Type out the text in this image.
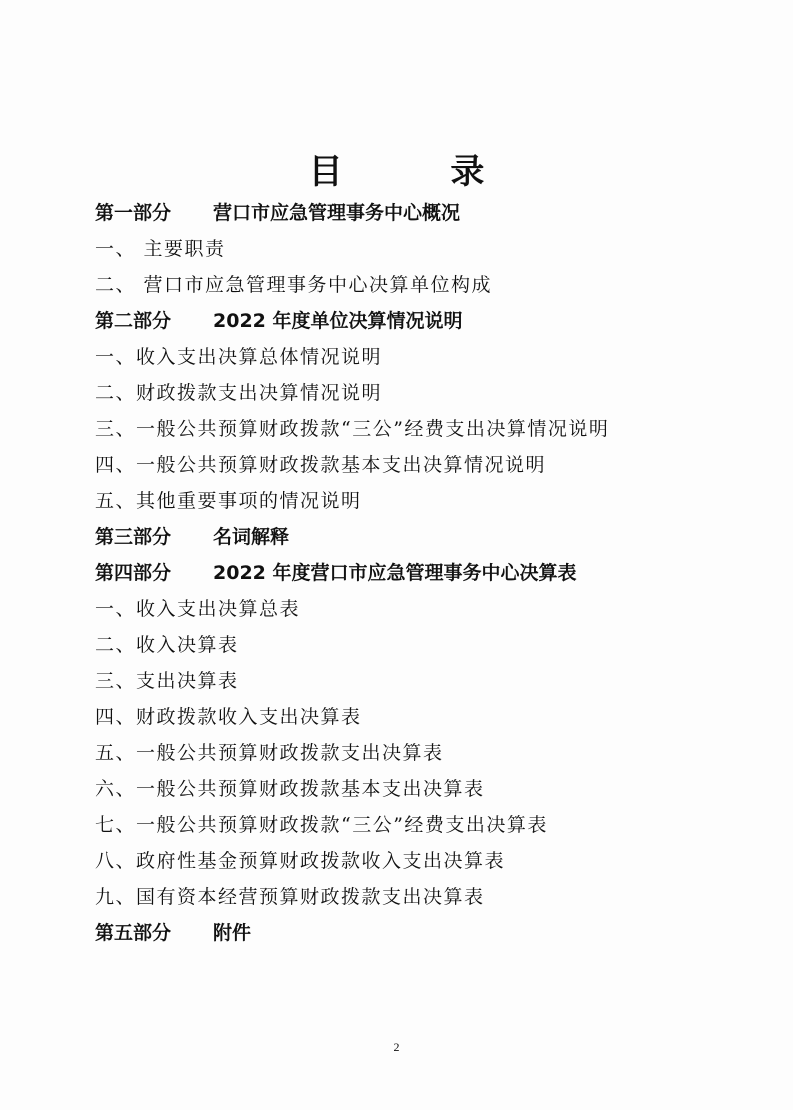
目 录
第一部分 营口市应急管理事务中心概况
一、 主要职责
二、 营口市应急管理事务中心决算单位构成
第二部分 2022 年度单位决算情况说明
一、收入支出决算总体情况说明
二、财政拨款支出决算情况说明
三、一般公共预算财政拨款“三公”经费支出决算情况说明
四、一般公共预算财政拨款基本支出决算情况说明
五、其他重要事项的情况说明
第三部分 名词解释
第四部分 2022 年度营口市应急管理事务中心决算表
一、收入支出决算总表
二、收入决算表
三、支出决算表
四、财政拨款收入支出决算表
五、一般公共预算财政拨款支出决算表
六、一般公共预算财政拨款基本支出决算表
七、一般公共预算财政拨款“三公”经费支出决算表
八、政府性基金预算财政拨款收入支出决算表
九、国有资本经营预算财政拨款支出决算表
第五部分 附件
2
